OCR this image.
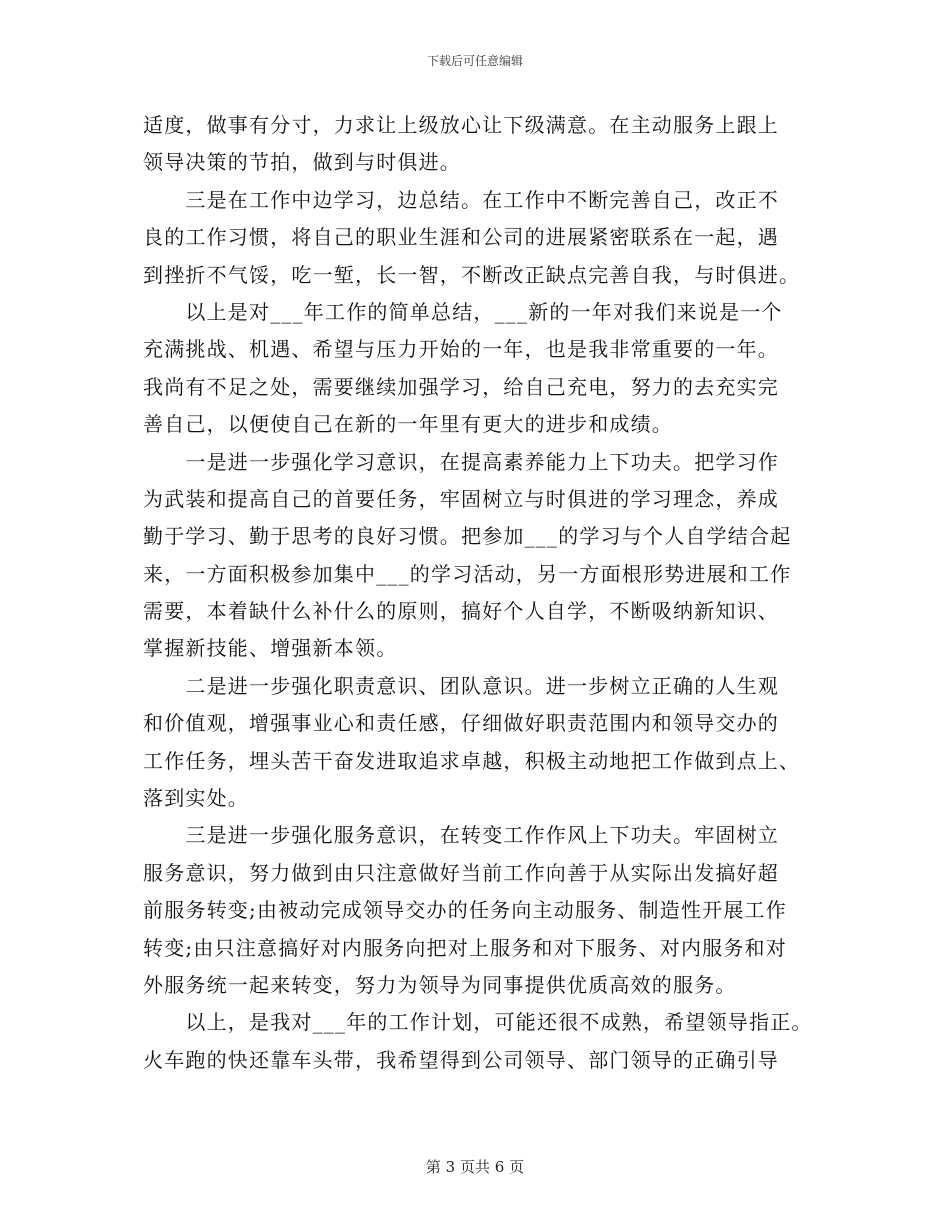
下载后可任意编辑
适度，做事有分寸，力求让上级放心让下级满意。在主动服务上跟上
领导决策的节拍，做到与时俱进。
　　三是在工作中边学习，边总结。在工作中不断完善自己，改正不
良的工作习惯，将自己的职业生涯和公司的进展紧密联系在一起，遇
到挫折不气馁，吃一堑，长一智，不断改正缺点完善自我，与时俱进。
　　以上是对___年工作的简单总结，___新的一年对我们来说是一个
充满挑战、机遇、希望与压力开始的一年，也是我非常重要的一年。
我尚有不足之处，需要继续加强学习，给自己充电，努力的去充实完
善自己，以便使自己在新的一年里有更大的进步和成绩。
　　一是进一步强化学习意识，在提高素养能力上下功夫。把学习作
为武装和提高自己的首要任务，牢固树立与时俱进的学习理念，养成
勤于学习、勤于思考的良好习惯。把参加___的学习与个人自学结合起
来，一方面积极参加集中___的学习活动，另一方面根形势进展和工作
需要，本着缺什么补什么的原则，搞好个人自学，不断吸纳新知识、
掌握新技能、增强新本领。
　　二是进一步强化职责意识、团队意识。进一步树立正确的人生观
和价值观，增强事业心和责任感，仔细做好职责范围内和领导交办的
工作任务，埋头苦干奋发进取追求卓越，积极主动地把工作做到点上、
落到实处。
　　三是进一步强化服务意识，在转变工作作风上下功夫。牢固树立
服务意识，努力做到由只注意做好当前工作向善于从实际出发搞好超
前服务转变;由被动完成领导交办的任务向主动服务、制造性开展工作
转变;由只注意搞好对内服务向把对上服务和对下服务、对内服务和对
外服务统一起来转变，努力为领导为同事提供优质高效的服务。
　　以上，是我对___年的工作计划，可能还很不成熟，希望领导指正。
火车跑的快还靠车头带，我希望得到公司领导、部门领导的正确引导
第 3 页共 6 页
